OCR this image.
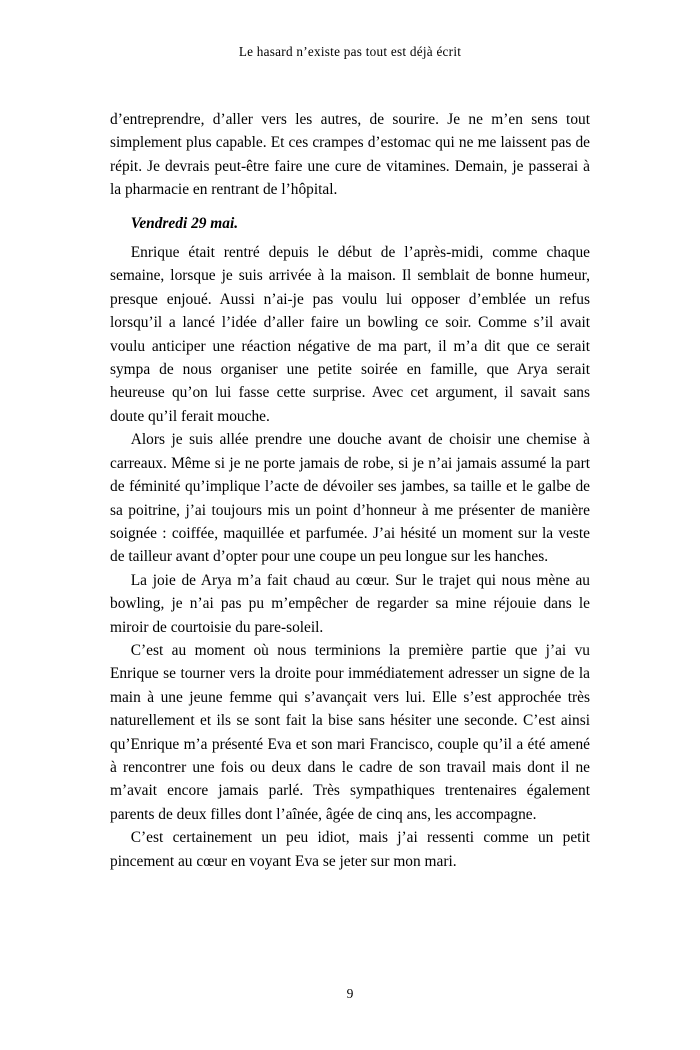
Le hasard n’existe pas tout est déjà écrit

d’entreprendre, d’aller vers les autres, de sourire. Je ne m’en sens tout simplement plus capable. Et ces crampes d’estomac qui ne me laissent pas de répit. Je devrais peut-être faire une cure de vitamines. Demain, je passerai à la pharmacie en rentrant de l’hôpital.

Vendredi 29 mai.

Enrique était rentré depuis le début de l’après-midi, comme chaque semaine, lorsque je suis arrivée à la maison. Il semblait de bonne humeur, presque enjoué. Aussi n’ai-je pas voulu lui opposer d’emblée un refus lorsqu’il a lancé l’idée d’aller faire un bowling ce soir. Comme s’il avait voulu anticiper une réaction négative de ma part, il m’a dit que ce serait sympa de nous organiser une petite soirée en famille, que Arya serait heureuse qu’on lui fasse cette surprise. Avec cet argument, il savait sans doute qu’il ferait mouche.

Alors je suis allée prendre une douche avant de choisir une chemise à carreaux. Même si je ne porte jamais de robe, si je n’ai jamais assumé la part de féminité qu’implique l’acte de dévoiler ses jambes, sa taille et le galbe de sa poitrine, j’ai toujours mis un point d’honneur à me présenter de manière soignée : coiffée, maquillée et parfumée. J’ai hésité un moment sur la veste de tailleur avant d’opter pour une coupe un peu longue sur les hanches.

La joie de Arya m’a fait chaud au cœur. Sur le trajet qui nous mène au bowling, je n’ai pas pu m’empêcher de regarder sa mine réjouie dans le miroir de courtoisie du pare-soleil.

C’est au moment où nous terminions la première partie que j’ai vu Enrique se tourner vers la droite pour immédiatement adresser un signe de la main à une jeune femme qui s’avançait vers lui. Elle s’est approchée très naturellement et ils se sont fait la bise sans hésiter une seconde. C’est ainsi qu’Enrique m’a présenté Eva et son mari Francisco, couple qu’il a été amené à rencontrer une fois ou deux dans le cadre de son travail mais dont il ne m’avait encore jamais parlé. Très sympathiques trentenaires également parents de deux filles dont l’aînée, âgée de cinq ans, les accompagne.

C’est certainement un peu idiot, mais j’ai ressenti comme un petit pincement au cœur en voyant Eva se jeter sur mon mari.

9
